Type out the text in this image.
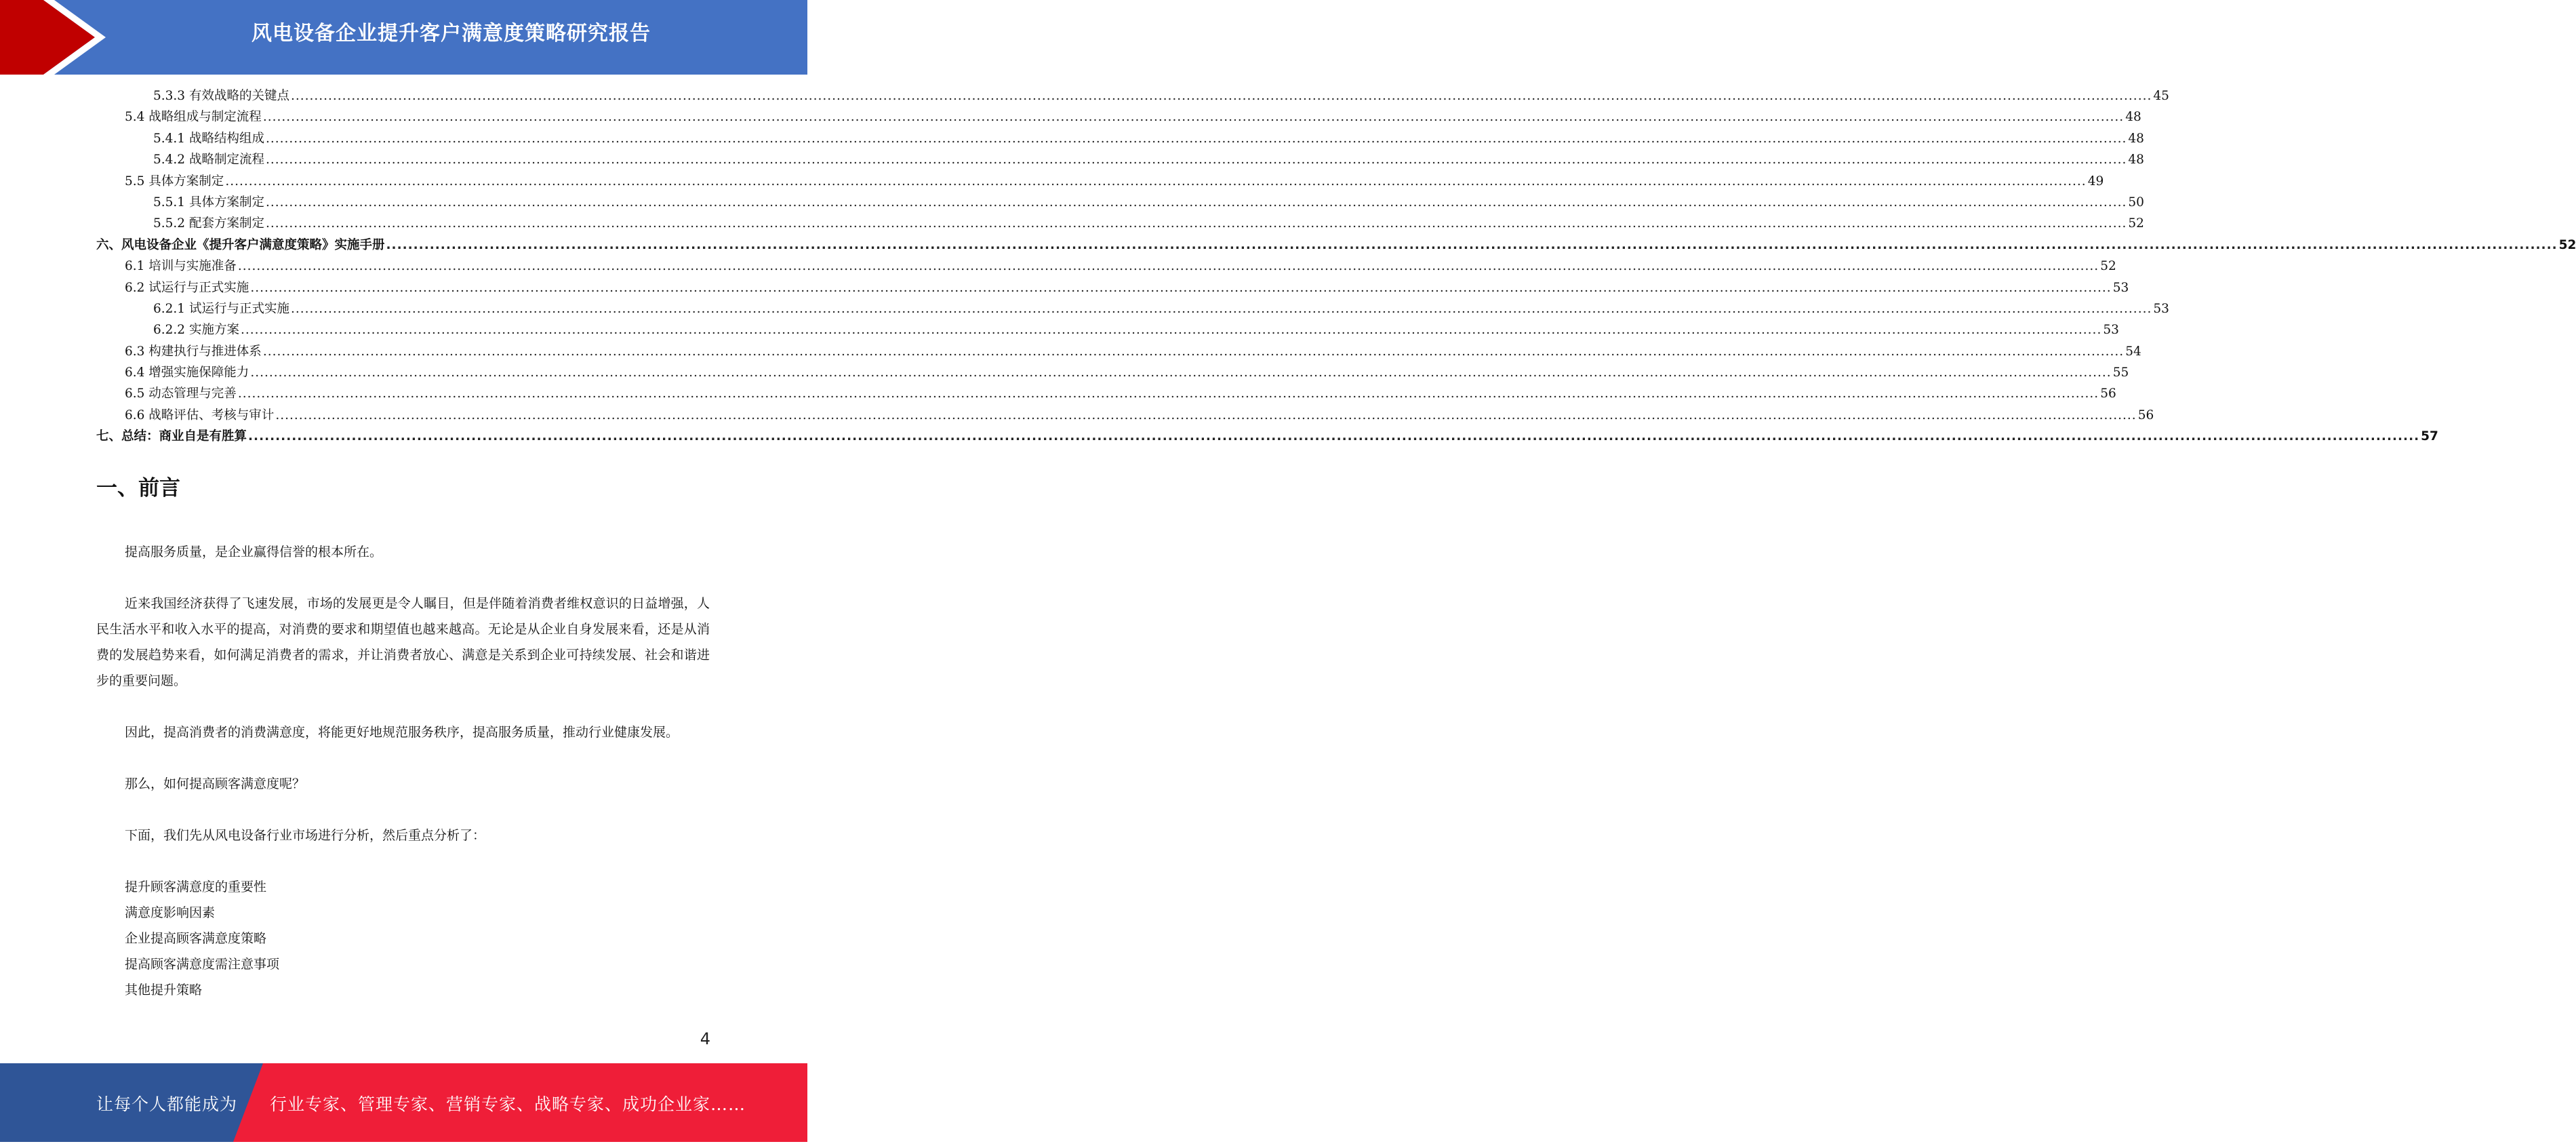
风电设备企业提升客户满意度策略研究报告
5.3.3 有效战略的关键点 ............................................................................................................................................................................................................................................................................................................................................................................................................... 45
5.4 战略组成与制定流程 ............................................................................................................................................................................................................................................................................................................................................................................................................... 48
5.4.1 战略结构组成 ............................................................................................................................................................................................................................................................................................................................................................................................................... 48
5.4.2 战略制定流程 ............................................................................................................................................................................................................................................................................................................................................................................................................... 48
5.5 具体方案制定 ............................................................................................................................................................................................................................................................................................................................................................................................................... 49
5.5.1 具体方案制定 ............................................................................................................................................................................................................................................................................................................................................................................................................... 50
5.5.2 配套方案制定 ............................................................................................................................................................................................................................................................................................................................................................................................................... 52
六、风电设备企业《提升客户满意度策略》实施手册 ............................................................................................................................................................................................................................................................................................................................................................................................................... 52
6.1 培训与实施准备 ............................................................................................................................................................................................................................................................................................................................................................................................................... 52
6.2 试运行与正式实施 ............................................................................................................................................................................................................................................................................................................................................................................................................... 53
6.2.1 试运行与正式实施 ............................................................................................................................................................................................................................................................................................................................................................................................................... 53
6.2.2 实施方案 ............................................................................................................................................................................................................................................................................................................................................................................................................... 53
6.3 构建执行与推进体系 ............................................................................................................................................................................................................................................................................................................................................................................................................... 54
6.4 增强实施保障能力 ............................................................................................................................................................................................................................................................................................................................................................................................................... 55
6.5 动态管理与完善 ............................................................................................................................................................................................................................................................................................................................................................................................................... 56
6.6 战略评估、考核与审计 ............................................................................................................................................................................................................................................................................................................................................................................................................... 56
七、总结：商业自是有胜算 ............................................................................................................................................................................................................................................................................................................................................................................................................... 57
一、前言

提高服务质量，是企业赢得信誉的根本所在。

近来我国经济获得了飞速发展，市场的发展更是令人瞩目，但是伴随着消费者维权意识的日益增强，人民生活水平和收入水平的提高，对消费的要求和期望值也越来越高。无论是从企业自身发展来看，还是从消费的发展趋势来看，如何满足消费者的需求，并让消费者放心、满意是关系到企业可持续发展、社会和谐进步的重要问题。

因此，提高消费者的消费满意度，将能更好地规范服务秩序，提高服务质量，推动行业健康发展。

那么，如何提高顾客满意度呢？

下面，我们先从风电设备行业市场进行分析，然后重点分析了：

提升顾客满意度的重要性
满意度影响因素
企业提高顾客满意度策略
提高顾客满意度需注意事项
其他提升策略
4
让每个人都能成为 行业专家、管理专家、营销专家、战略专家、成功企业家……
